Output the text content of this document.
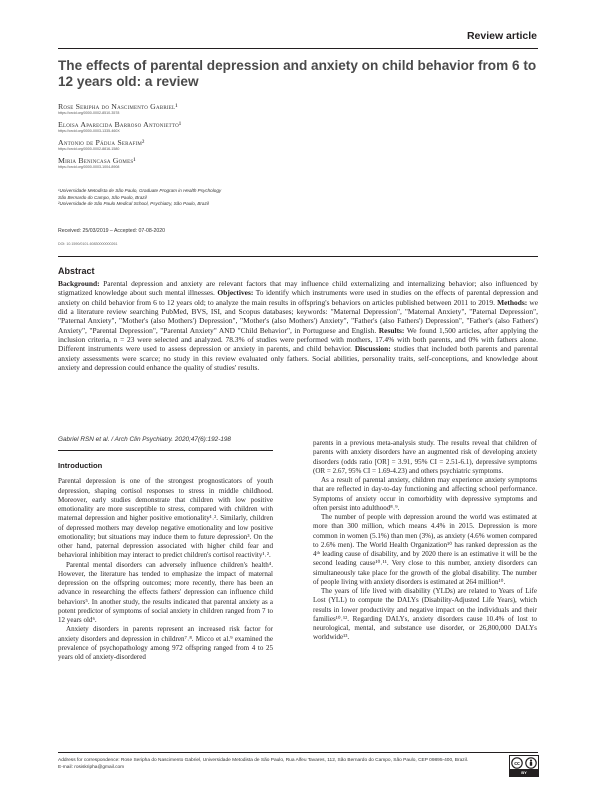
Review article
The effects of parental depression and anxiety on child behavior from 6 to 12 years old: a review
Rose Seripha do Nascimento Gabriel¹
https://orcid.org/0000-0002-8510-3578
Eloisa Aparecida Barroso Antonietto¹
https://orcid.org/0000-0003-1335-460X
Antonio de Pádua Serafim²
https://orcid.org/0000-0002-8816-1580
Miria Benincasa Gomes¹
https://orcid.org/0000-0003-1004-8908
¹Universidade Metodista de São Paulo, Graduate Program in Health Psychology
São Bernardo do Campo, São Paulo, Brazil
²Universidade de São Paulo Medical School, Psychiatry, São Paulo, Brazil
Received: 25/03/2019 – Accepted: 07-08-2020
DOI: 10.1590/0101-60830000000261
Abstract
Background: Parental depression and anxiety are relevant factors that may influence child externalizing and internalizing behavior; also influenced by stigmatized knowledge about such mental illnesses. Objectives: To identify which instruments were used in studies on the effects of parental depression and anxiety on child behavior from 6 to 12 years old; to analyze the main results in offspring's behaviors on articles published between 2011 to 2019. Methods: we did a literature review searching PubMed, BVS, ISI, and Scopus databases; keywords: "Maternal Depression", "Maternal Anxiety", "Paternal Depression", "Paternal Anxiety", "Mother's (also Mothers') Depression", "Mother's (also Mothers') Anxiety", "Father's (also Fathers') Depression", "Father's (also Fathers') Anxiety", "Parental Depression", "Parental Anxiety" AND "Child Behavior", in Portuguese and English. Results: We found 1,500 articles, after applying the inclusion criteria, n = 23 were selected and analyzed. 78.3% of studies were performed with mothers, 17.4% with both parents, and 0% with fathers alone. Different instruments were used to assess depression or anxiety in parents, and child behavior. Discussion: studies that included both parents and parental anxiety assessments were scarce; no study in this review evaluated only fathers. Social abilities, personality traits, self-conceptions, and knowledge about anxiety and depression could enhance the quality of studies' results.
Gabriel RSN et al. / Arch Clin Psychiatry. 2020;47(6):192-198
Introduction

Parental depression is one of the strongest prognosticators of youth depression, shaping cortisol responses to stress in middle childhood. Moreover, early studies demonstrate that children with low positive emotionality are more susceptible to stress, compared with children with maternal depression and higher positive emotionality¹˒². Similarly, children of depressed mothers may develop negative emotionality and low positive emotionality; but situations may induce them to future depression³. On the other hand, paternal depression associated with higher child fear and behavioral inhibition may interact to predict children's cortisol reactivity¹˒².

Parental mental disorders can adversely influence children's health⁴. However, the literature has tended to emphasize the impact of maternal depression on the offspring outcomes; more recently, there has been an advance in researching the effects fathers' depression can influence child behaviors⁵. In another study, the results indicated that parental anxiety as a potent predictor of symptoms of social anxiety in children ranged from 7 to 12 years old⁶.

Anxiety disorders in parents represent an increased risk factor for anxiety disorders and depression in children⁷˒⁸. Micco et al.⁹ examined the prevalence of psychopathology among 972 offspring ranged from 4 to 25 years old of anxiety-disordered

parents in a previous meta-analysis study. The results reveal that children of parents with anxiety disorders have an augmented risk of developing anxiety disorders (odds ratio [OR] = 3.91, 95% CI = 2.51-6.1), depressive symptoms (OR = 2.67, 95% CI = 1.69-4.23) and others psychiatric symptoms.

As a result of parental anxiety, children may experience anxiety symptoms that are reflected in day-to-day functioning and affecting school performance. Symptoms of anxiety occur in comorbidity with depressive symptoms and often persist into adulthood⁸˒⁹.

The number of people with depression around the world was estimated at more than 300 million, which means 4.4% in 2015. Depression is more common in women (5.1%) than men (3%), as anxiety (4.6% women compared to 2.6% men). The World Health Organization¹⁰ has ranked depression as the 4ᵗʰ leading cause of disability, and by 2020 there is an estimative it will be the second leading cause¹⁰˒¹¹. Very close to this number, anxiety disorders can simultaneously take place for the growth of the global disability. The number of people living with anxiety disorders is estimated at 264 million¹⁰.

The years of life lived with disability (YLDs) are related to Years of Life Lost (YLL) to compute the DALYs (Disability-Adjusted Life Years), which results in lower productivity and negative impact on the individuals and their families¹⁰˒¹². Regarding DALYs, anxiety disorders cause 10.4% of lost to neurological, mental, and substance use disorder, or 26,800,000 DALYs worldwide¹³.

Address for correspondence: Rose Seripha do Nascimento Gabriel, Universidade Metodista de São Paulo, Rua Alfeu Tavares, 112, São Bernardo do Campo, São Paulo, CEP 09895-400, Brazil.
E-mail: rosiskripha@gmail.com
cc
BY
